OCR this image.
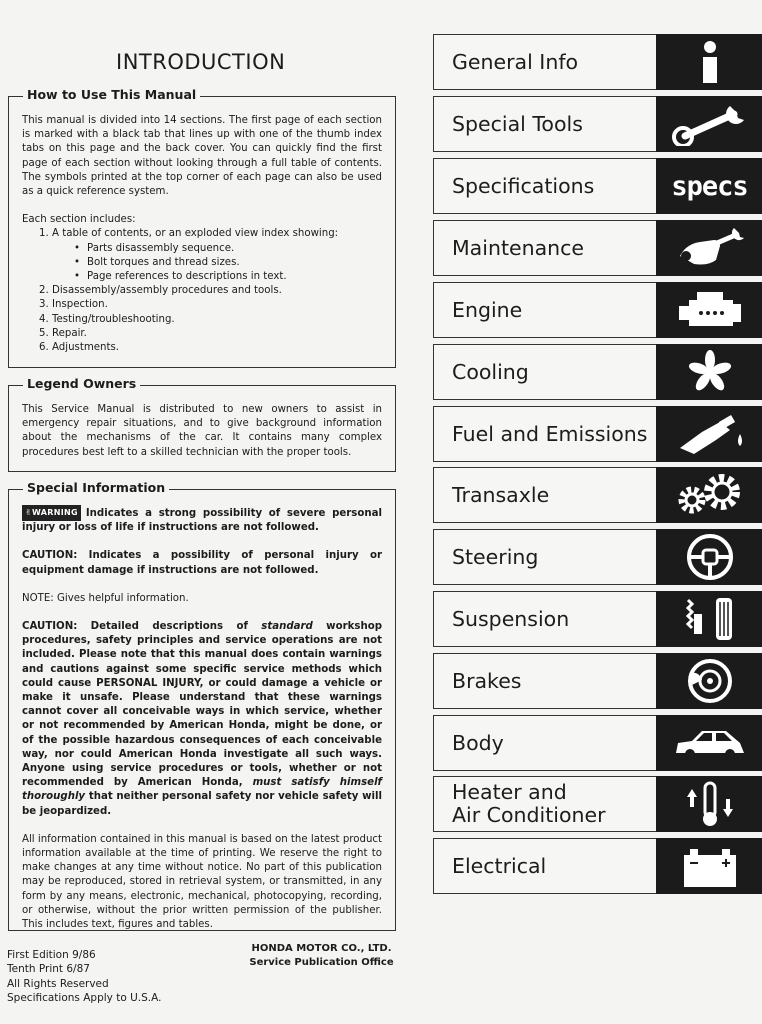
INTRODUCTION
How to Use This Manual
This manual is divided into 14 sections. The first page of each section is marked with a black tab that lines up with one of the thumb index tabs on this page and the back cover. You can quickly find the first page of each section without looking through a full table of contents. The symbols printed at the top corner of each page can also be used as a quick reference system.
Each section includes:
1. A table of contents, or an exploded view index showing:
• Parts disassembly sequence.
• Bolt torques and thread sizes.
• Page references to descriptions in text.
2. Disassembly/assembly procedures and tools.
3. Inspection.
4. Testing/troubleshooting.
5. Repair.
6. Adjustments.
Legend Owners
This Service Manual is distributed to new owners to assist in emergency repair situations, and to give background information about the mechanisms of the car. It contains many complex procedures best left to a skilled technician with the proper tools.
Special Information
✌WARNING Indicates a strong possibility of severe personal injury or loss of life if instructions are not followed.
CAUTION: Indicates a possibility of personal injury or equipment damage if instructions are not followed.
NOTE: Gives helpful information.
CAUTION: Detailed descriptions of standard workshop procedures, safety principles and service operations are not included. Please note that this manual does contain warnings and cautions against some specific service methods which could cause PERSONAL INJURY, or could damage a vehicle or make it unsafe. Please understand that these warnings cannot cover all conceivable ways in which service, whether or not recommended by American Honda, might be done, or of the possible hazardous consequences of each conceivable way, nor could American Honda investigate all such ways. Anyone using service procedures or tools, whether or not recommended by American Honda, must satisfy himself thoroughly that neither personal safety nor vehicle safety will be jeopardized.
All information contained in this manual is based on the latest product information available at the time of printing. We reserve the right to make changes at any time without notice. No part of this publication may be reproduced, stored in retrieval system, or transmitted, in any form by any means, electronic, mechanical, photocopying, recording, or otherwise, without the prior written permission of the publisher. This includes text, figures and tables.
First Edition 9/86
Tenth Print 6/87
All Rights Reserved
Specifications Apply to U.S.A.
HONDA MOTOR CO., LTD.
Service Publication Office
General Info
Special Tools
Specifications	specs
Maintenance
Engine
Cooling
Fuel and Emissions
Transaxle
Steering
Suspension
Brakes
Body
Heater and
Air Conditioner
Electrical
